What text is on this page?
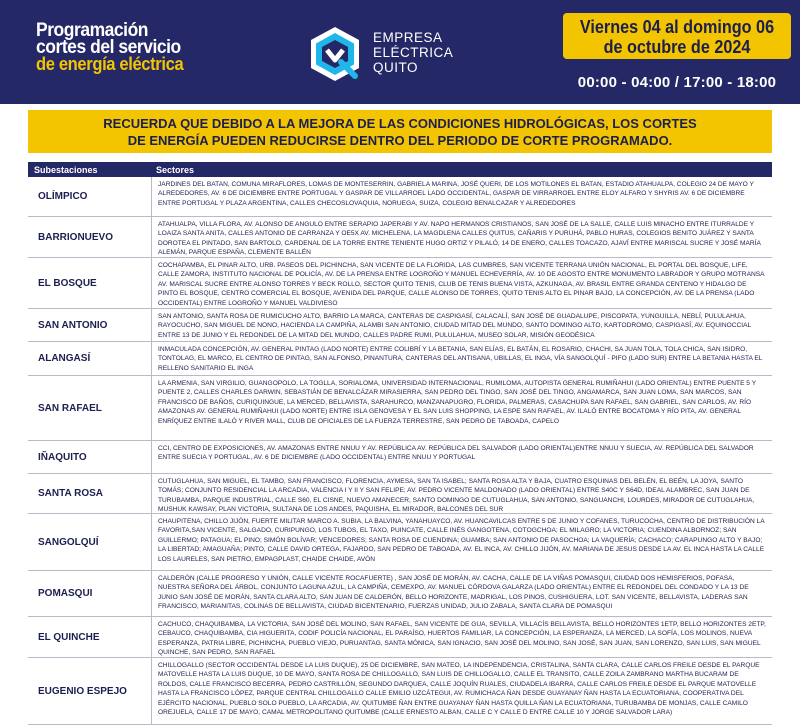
Programación
cortes del servicio
de energía eléctrica
EMPRESA
ELÉCTRICA
QUITO
Viernes 04 al domingo 06
de octubre de 2024
00:00 - 04:00 / 17:00 - 18:00
RECUERDA QUE DEBIDO A LA MEJORA DE LAS CONDICIONES HIDROLÓGICAS, LOS CORTES
DE ENERGÍA PUEDEN REDUCIRSE DENTRO DEL PERIODO DE CORTE PROGRAMADO.
Subestaciones	Sectores
OLÍMPICO
JARDINES DEL BATAN, COMUNA MIRAFLORES, LOMAS DE MONTESERRIN, GABRIELA MARINA, JOSÉ QUERI, DE LOS MOTILONES EL BATAN, ESTADIO ATAHUALPA, COLEGIO 24 DE MAYO Y ALREDEDORES, AV. 6 DE DICIEMBRE ENTRE PORTUGAL Y GASPAR DE VILLARROEL LADO OCCIDENTAL, GASPAR DE VIRRARROEL ENTRE ELOY ALFARO Y SHYRIS AV. 6 DE DICIEMBRE ENTRE PORTUGAL Y PLAZA ARGENTINA, CALLES CHECOSLOVAQUIA, NORUEGA, SUIZA, COLEGIO BENALCAZAR Y ALREDEDORES
BARRIONUEVO
ATAHUALPA, VILLA FLORA, AV. ALONSO DE ANGULO ENTRE SERAPIO JAPERABI Y AV. NAPO HERMANOS CRISTIANOS, SAN JOSÉ DE LA SALLE, CALLE LUIS MINACHO ENTRE ITURRALDE Y LOAIZA SANTA ANITA, CALLES ANTONIO DE CARRANZA Y OE5X AV. MICHELENA, LA MAGDLENA CALLES QUITUS, CAÑARIS Y PURUHÁ, PABLO HURAS, COLEGIOS BENITO JUÁREZ Y SANTA DOROTEA EL PINTADO, SAN BARTOLO, CARDENAL DE LA TORRE ENTRE TENIENTE HUGO ORTIZ Y PILALÓ, 14 DE ENERO, CALLES TOACAZO, AJAVÍ ENTRE MARISCAL SUCRE Y JOSÉ MARÍA ALEMÁN, PARQUE ESPAÑA, CLEMENTE BALLÉN
EL BOSQUE
COCHAPAMBA, EL PINAR ALTO, URB. PASEOS DEL PICHINCHA, SAN VICENTE DE LA FLORIDA, LAS CUMBRES, SAN VICENTE TERRANA UNIÓN NACIONAL, EL PORTAL DEL BOSQUE, LIFE, CALLE ZAMORA, INSTITUTO NACIONAL DE POLICÍA, AV. DE LA PRENSA ENTRE LOGROÑO Y MANUEL ECHEVERRÍA, AV. 10 DE AGOSTO ENTRE MONUMENTO LABRADOR Y GRUPO MOTRANSA AV. MARISCAL SUCRE ENTRE ALONSO TORRES Y BECK ROLLO, SECTOR QUITO TENIS, CLUB DE TENIS BUENA VISTA, AZKUNAGA, AV. BRASIL ENTRE GRANDA CENTENO Y HIDALGO DE PINTO EL BOSQUE, CENTRO COMERCIAL EL BOSQUE, AVENIDA DEL PARQUE, CALLE ALONSO DE TORRES, QUITO TENIS ALTO EL PINAR BAJO, LA CONCEPCIÓN, AV. DE LA PRENSA (LADO OCCIDENTAL) ENTRE LOGROÑO Y MANUEL VALDIVIESO
SAN ANTONIO
SAN ANTONIO, SANTA ROSA DE RUMICUCHO ALTO, BARRIO LA MARCA, CANTERAS DE CASPIGASÍ, CALACALÍ, SAN JOSÉ DE GUADALUPE, PISCOPATA, YUNGUILLA, NEBLÍ, PULULAHUA, RAYOCUCHO, SAN MIGUEL DE NONO, HACIENDA LA CAMPIÑA, ALAMBI SAN ANTONIO, CIUDAD MITAD DEL MUNDO, SANTO DOMINGO ALTO, KARTODROMO, CASPIGASÍ, AV. EQUINOCCIAL ENTRE 13 DE JUNIO Y EL REDONDEL DE LA MITAD DEL MUNDO, CALLES PADRE RUMI, PULULAHUA, MUSEO SOLAR, MISIÓN GEODÉSICA
ALANGASÍ
INMACULADA CONCEPCIÓN, AV. GENERAL PINTAG (LADO NORTE) ENTRE COLIBRÍ Y LA BETANIA, SAN ELÍAS, EL BATÁN, EL ROSARIO, CHACHI, SA JUAN TOLA, TOLA CHICA, SAN ISIDRO, TONTOLAG, EL MARCO, EL CENTRO DE PINTAG, SAN ALFONSO, PINANTURA, CANTERAS DEL ANTISANA, UBILLAS, EL INGA, VÍA SANGOLQUÍ - PIFO (LADO SUR) ENTRE LA BETANIA HASTA EL RELLENO SANITARIO EL INGA
SAN RAFAEL
LA ARMENIA, SAN VIRGILIO, GUANGOPOLO, LA TOGLLA, SORIALOMA, UNIVERSIDAD INTERNACIONAL, RUMILOMA, AUTOPISTA GENERAL RUMIÑAHUI (LADO ORIENTAL) ENTRE PUENTE 5 Y PUENTE 2, CALLES CHARLES DARWIN, SEBASTIÁN DE BENALCÁZAR MIRASIERRA, SAN PEDRO DEL TINGO, SAN JOSÉ DEL TINGO, ANGAMARCA, SAN JUAN LOMA, SAN MARCOS, SAN FRANCISCO DE BAÑOS, CURIQUINGUE, LA MERCED, BELLAVISTA, SARAHURCO, MANZANAPUGRO, FLORIDA, PALMERAS, CASACHUPA SAN RAFAEL, SAN GABRIEL, SAN CARLOS, AV. RÍO AMAZONAS AV. GENERAL RUMIÑAHUI (LADO NORTE) ENTRE ISLA GENOVESA Y EL SAN LUIS SHOPPING, LA ESPE SAN RAFAEL, AV. ILALÓ ENTRE BOCATOMA Y RÍO PITA, AV. GENERAL ENRÍQUEZ ENTRE ILALÓ Y RIVER MALL, CLUB DE OFICIALES DE LA FUERZA TERRESTRE, SAN PEDRO DE TABOADA, CAPELO
IÑAQUITO
CCI, CENTRO DE EXPOSICIONES, AV. AMAZONAS ENTRE NNUU Y AV. REPÚBLICA AV. REPÚBLICA DEL SALVADOR (LADO ORIENTAL)ENTRE NNUU Y SUECIA, AV. REPÚBLICA DEL SALVADOR ENTRE SUECIA Y PORTUGAL, AV. 6 DE DICIEMBRE (LADO OCCIDENTAL) ENTRE NNUU Y PORTUGAL
SANTA ROSA
CUTUGLAHUA, SAN MIGUEL, EL TAMBO, SAN FRANCISCO, FLORENCIA, AYMESA, SAN TA ISABEL; SANTA ROSA ALTA Y BAJA, CUATRO ESQUINAS DEL BELÉN, EL BEÉN, LA JOYA, SANTO TOMÁS; CONJUNTO RESIDENCIAL LA ARCADIA, VALENCIA I Y II Y SAN FELIPE; AV. PEDRO VICENTE MALDONADO (LADO ORIENTAL) ENTRE S40C Y S64D, IDEAL ALAMBREC, SAN JUAN DE TURUBAMBA, PARQUE INDUSTRIAL, CALLE S60, EL CISNE, NUEVO AMANECER, SANTO DOMINGO DE CUTUGLAHUA, SAN ANTONIO, SANGUANCHI, LOURDES, MIRADOR DE CUTUGLAHUA, MUSHUK KAWSAY, PLAN VICTORIA, SULTANA DE LOS ANDES, PAQUISHA, EL MIRADOR, BALCONES DEL SUR
SANGOLQUÍ
CHAUPITENA, CHILLO JIJÓN, FUERTE MILITAR MARCO A. SUBIA, LA BALVINA, YANAHUAYCO, AV. HUANCAVILCAS ENTRE 5 DE JUNIO Y COFANES, TURUCOCHA, CENTRO DE DISTRIBUCIÓN LA FAVORITA,SAN VICENTE, SALGADO, CURIPUNGO, LOS TUBOS, EL TAXO, PUINCATE, CALLE INÉS GANGOTENA, COTOGCHOA; EL MILAGRO; LA VICTORIA; CUENDINA ALBORNOZ; SAN GUILLERMO; PATAGUA; EL PINO; SIMÓN BOLÍVAR; VENCEDORES; SANTA ROSA DE CUENDINA; GUAMBA; SAN ANTONIO DE PASOCHOA; LA VAQUERÍA; CACHACO; CARAPUNGO ALTO Y BAJO; LA LIBERTAD; AMAGUAÑA; PINTO, CALLE DAVID ORTEGA, FAJARDO, SAN PEDRO DE TABOADA, AV. EL INCA, AV. CHILLO JIJÓN, AV. MARIANA DE JESUS DESDE LA AV. EL INCA HASTA LA CALLE LOS LAURELES, SAN PIETRO, EMPAGPLAST, CHAIDE CHAIDE, AVÓN
POMASQUI
CALDERÓN (CALLE PROGRESO Y UNIÓN, CALLE VICENTE ROCAFUERTE) , SAN JOSÉ DE MORÁN, AV. CACHA, CALLE DE LA VIÑAS POMASQUI, CIUDAD DOS HEMISFERIOS, POFASA, NUESTRA SEÑORA DEL ÁRBOL, CONJUNTO LAGUNA AZUL, LA CAMPIÑA, CEMEXPO, AV. MANUEL CÓRDOVA GALARZA (LADO ORIENTAL) ENTRE EL REDONDEL DEL CONDADO Y LA 13 DE JUNIO SAN JOSÉ DE MORÁN, SANTA CLARA ALTO, SAN JUAN DE CALDERÓN, BELLO HORIZONTE, MADRIGAL, LOS PINOS, CUSHIGUERA, LOT. SAN VICENTE, BELLAVISTA, LADERAS SAN FRANCISCO, MARIANITAS, COLINAS DE BELLAVISTA, CIUDAD BICENTENARIO, FUERZAS UNIDAD, JULIO ZABALA, SANTA CLARA DE POMASQUI
EL QUINCHE
CACHUCO, CHAQUIBAMBA, LA VICTORIA, SAN JOSÉ DEL MOLINO, SAN RAFAEL, SAN VICENTE DE GUA, SEVILLA, VILLACÍS BELLAVISTA, BELLO HORIZONTES 1ETP, BELLO HORIZONTES 2ETP, CEBAUCO, CHAQUIBAMBA, CIA HIGUERITA, CODIF POLICÍA NACIONAL, EL PARAÍSO, HUERTOS FAMILIAR, LA CONCEPCIÓN, LA ESPERANZA, LA MERCED, LA SOFÍA, LOS MOLINOS, NUEVA ESPERANZA, PATRIA LIBRE, PICHINCHA, PUEBLO VIEJO, PURUANTAG, SANTA MÓNICA, SAN IGNACIO, SAN JOSÉ DEL MOLINO, SAN JOSÉ, SAN JUAN, SAN LORENZO, SAN LUIS, SAN MIGUEL QUINCHE, SAN PEDRO, SAN RAFAEL
EUGENIO ESPEJO
CHILLOGALLO (SECTOR OCCIDENTAL DESDE LA LUIS DUQUE), 25 DE DICIEMBRE, SAN MATEO, LA INDEPENDENCIA, CRISTALINA, SANTA CLARA, CALLE CARLOS FREILE DESDE EL PARQUE MATOVELLE HASTA LA LUIS DUQUE, 10 DE MAYO, SANTA ROSA DE CHILLOGALLO, SAN LUIS DE CHILLOGALLO, CALLE EL TRANSITO, CALLE ZOILA ZAMBRANO MARTHA BUCARAM DE ROLDOS, CALLE FRANCISCO BECERRA, PEDRO CASTRILLÓN, SEGUNDO DARQUEA, CALLE JOQUÍN RUALES, CIUDADELA IBARRA, CALLE CARLOS FREILE DESDE EL PARQUE MATOVELLE HASTA LA FRANCISCO LÓPEZ, PARQUE CENTRAL CHILLOGALLO CALLE EMILIO UZCÁTEGUI, AV. RUMICHACA ÑAN DESDE GUAYANAY ÑAN HASTA LA ECUATORIANA, COOPERATIVA DEL EJÉRCITO NACIONAL, PUEBLO SOLO PUEBLO, LA ARCADIA, AV. QUITUMBE ÑAN ENTRE GUAYANAY ÑAN HASTA QUILLA ÑAN LA ECUATORIANA, TURUBAMBA DE MONJAS, CALLE CAMILO OREJUELA, CALLE 17 DE MAYO, CAMAL METROPOLITANO QUITUMBE (CALLE ERNESTO ALBAN, CALLE C Y CALLE D ENTRE CALLE 10 Y JORGE SALVADOR LARA)
